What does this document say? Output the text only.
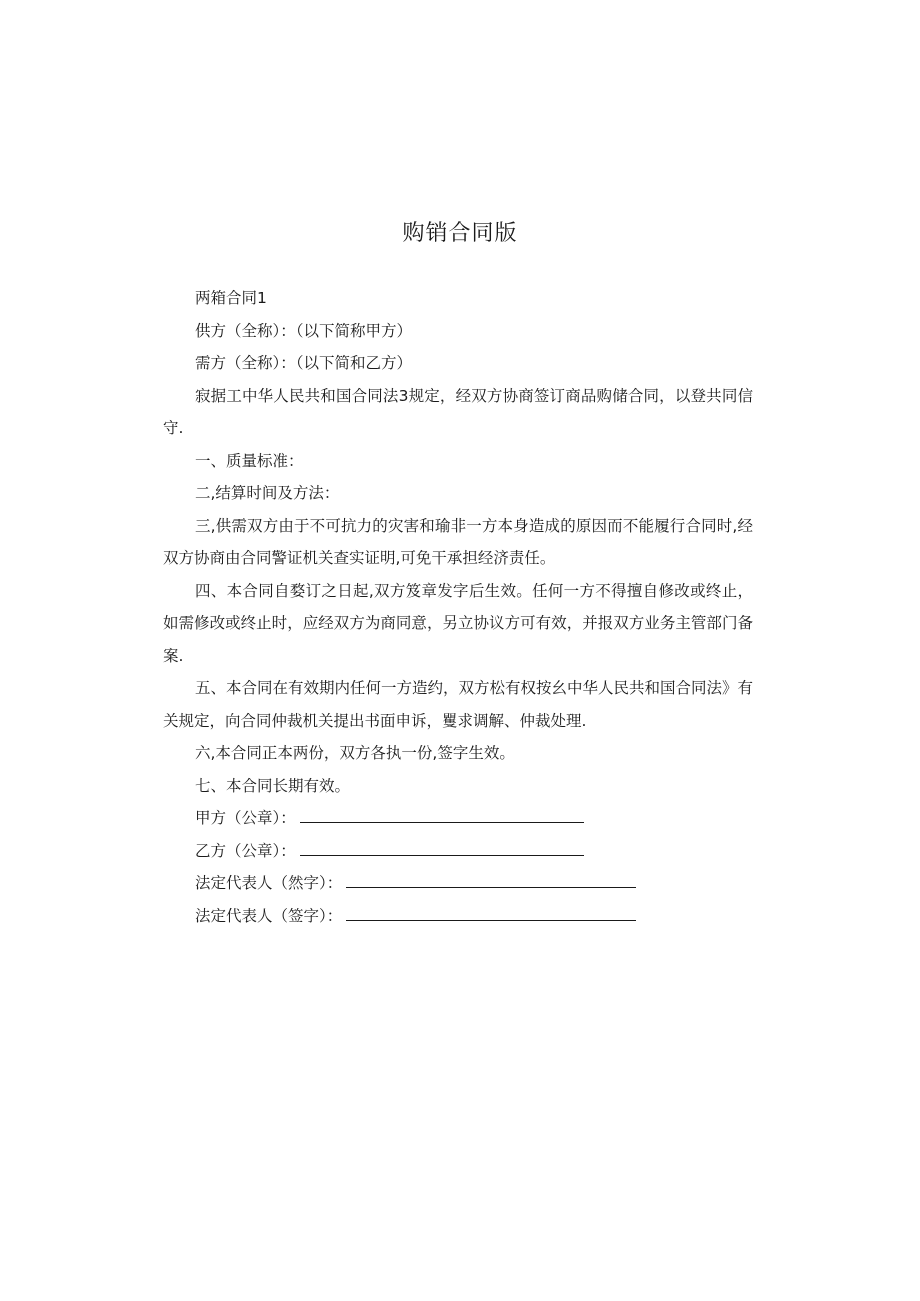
购销合同版

两箱合同1

供方（全称）：（以下简称甲方）

需方（全称）：（以下简和乙方）

寂据工中华人民共和国合同法3规定，经双方协商签订商品购储合同，以登共同信守.

一、质量标准：

二,结算时间及方法：

三,供需双方由于不可抗力的灾害和瑜非一方本身造成的原因而不能履行合同时,经双方协商由合同警证机关查实证明,可免干承担经济责任。

四、本合同自婺订之日起,双方笈章发字后生效。任何一方不得擅自修改或终止，如需修改或终止时，应经双方为商同意，另立协议方可有效，并报双方业务主管部门备案.

五、本合同在有效期内任何一方造约，双方松有权按幺中华人民共和国合同法》有关规定，向合同仲裁机关提出书面申诉，矍求调解、仲裁处理.

六,本合同正本两份，双方各执一份,签字生效。

七、本合同长期有效。

甲方（公章）：
乙方（公章）：
法定代表人（然字）：
法定代表人（签字）：
